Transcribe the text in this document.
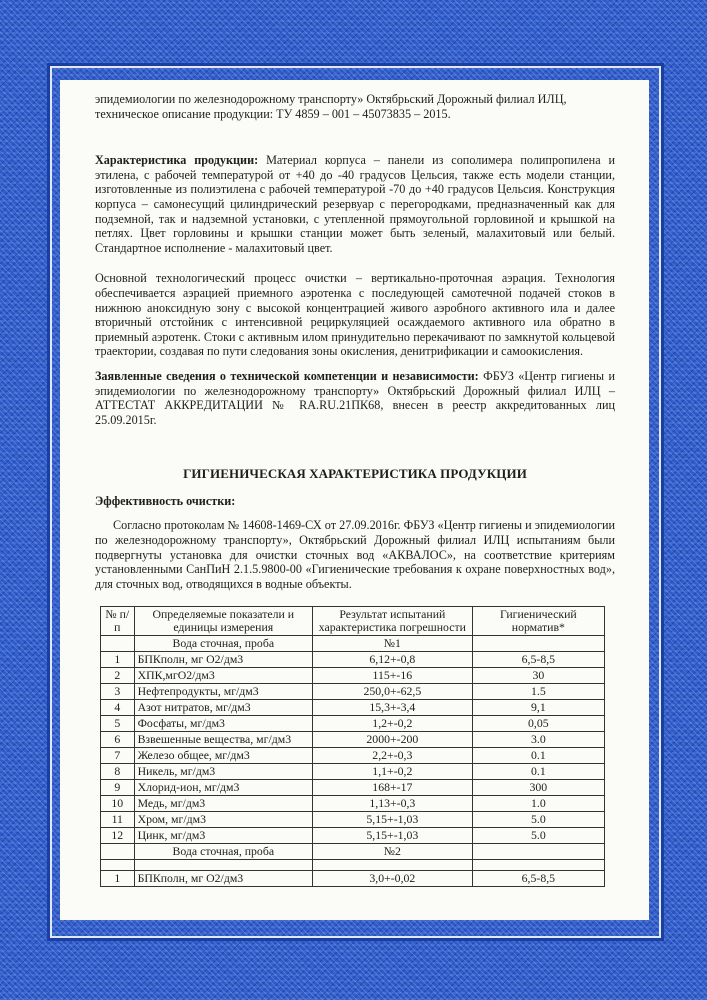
эпидемиологии по железнодорожному транспорту» Октябрьский Дорожный филиал ИЛЦ,

техническое описание продукции: ТУ 4859 – 001 – 45073835 – 2015.

Характеристика продукции: Материал корпуса – панели из сополимера полипропилена и этилена, с рабочей температурой от +40 до -40 градусов Цельсия, также есть модели станции, изготовленные из полиэтилена с рабочей температурой -70 до +40 градусов Цельсия. Конструкция корпуса – самонесущий цилиндрический резервуар с перегородками, предназначенный как для подземной, так и надземной установки, с утепленной прямоугольной горловиной и крышкой на петлях. Цвет горловины и крышки станции может быть зеленый, малахитовый или белый. Стандартное исполнение - малахитовый цвет.

Основной технологический процесс очистки – вертикально-проточная аэрация. Технология обеспечивается аэрацией приемного аэротенка с последующей самотечной подачей стоков в нижнюю аноксидную зону с высокой концентрацией живого аэробного активного ила и далее вторичный отстойник с интенсивной рециркуляцией осаждаемого активного ила обратно в приемный аэротенк. Стоки с активным илом принудительно перекачивают по замкнутой кольцевой траектории, создавая по пути следования зоны окисления, денитрификации и самоокисления.

Заявленные сведения о технической компетенции и независимости: ФБУЗ «Центр гигиены и эпидемиологии по железнодорожному транспорту» Октябрьский Дорожный филиал ИЛЦ – АТТЕСТАТ АККРЕДИТАЦИИ № RA.RU.21ПК68, внесен в реестр аккредитованных лиц 25.09.2015г.

ГИГИЕНИЧЕСКАЯ ХАРАКТЕРИСТИКА ПРОДУКЦИИ

Эффективность очистки:

Согласно протоколам № 14608-1469-СХ от 27.09.2016г. ФБУЗ «Центр гигиены и эпидемиологии по железнодорожному транспорту», Октябрьский Дорожный филиал ИЛЦ испытаниям были подвергнуты установка для очистки сточных вод «АКВАЛОС», на соответствие критериям установленными СанПиН 2.1.5.9800-00 «Гигиенические требования к охране поверхностных вод», для сточных вод, отводящихся в водные объекты.

№ п/п	Определяемые показатели и единицы измерения	Результат испытаний характеристика погрешности	Гигиенический норматив*
	Вода сточная, проба	№1	
1	БПКполн, мг О2/дм3	6,12+-0,8	6,5-8,5
2	ХПК,мгО2/дм3	115+-16	30
3	Нефтепродукты, мг/дм3	250,0+-62,5	1.5
4	Азот нитратов, мг/дм3	15,3+-3,4	9,1
5	Фосфаты, мг/дм3	1,2+-0,2	0,05
6	Взвешенные вещества, мг/дм3	2000+-200	3.0
7	Железо общее, мг/дм3	2,2+-0,3	0.1
8	Никель, мг/дм3	1,1+-0,2	0.1
9	Хлорид-ион, мг/дм3	168+-17	300
10	Медь, мг/дм3	1,13+-0,3	1.0
11	Хром, мг/дм3	5,15+-1,03	5.0
12	Цинк, мг/дм3	5,15+-1,03	5.0
	Вода сточная, проба	№2	

1	БПКполн, мг О2/дм3	3,0+-0,02	6,5-8,5
